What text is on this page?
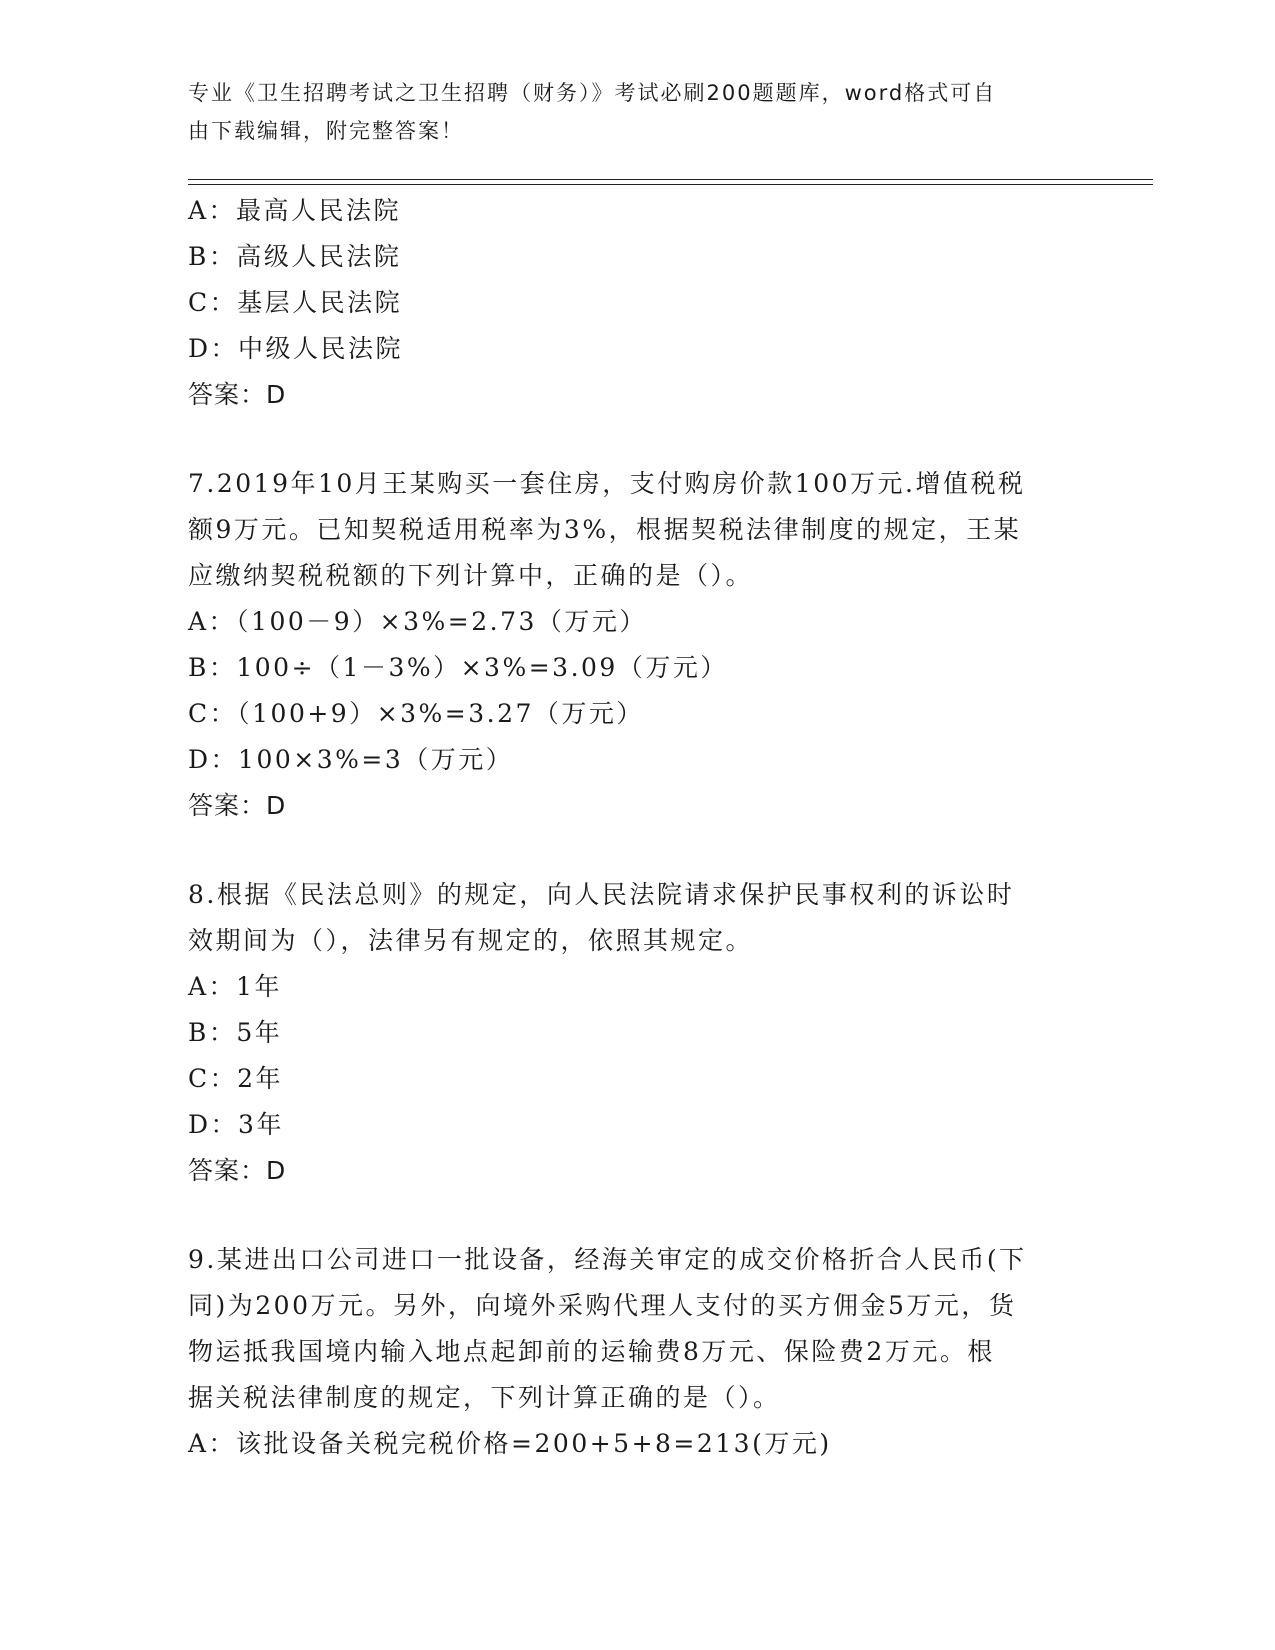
专业《卫生招聘考试之卫生招聘（财务）》考试必刷200题题库，word格式可自
由下载编辑，附完整答案！
A：最高人民法院
B：高级人民法院
C：基层人民法院
D：中级人民法院
答案：D
7.2019年10月王某购买一套住房，支付购房价款100万元.增值税税
额9万元。已知契税适用税率为3%，根据契税法律制度的规定，王某
应缴纳契税税额的下列计算中，正确的是（）。
A：（100－9）×3%=2.73（万元）
B：100÷（1－3%）×3%=3.09（万元）
C：（100+9）×3%=3.27（万元）
D：100×3%=3（万元）
答案：D
8.根据《民法总则》的规定，向人民法院请求保护民事权利的诉讼时
效期间为（），法律另有规定的，依照其规定。
A：1年
B：5年
C：2年
D：3年
答案：D
9.某进出口公司进口一批设备，经海关审定的成交价格折合人民币(下
同)为200万元。另外，向境外采购代理人支付的买方佣金5万元，货
物运抵我国境内输入地点起卸前的运输费8万元、保险费2万元。根
据关税法律制度的规定，下列计算正确的是（）。
A：该批设备关税完税价格=200+5+8=213(万元)
